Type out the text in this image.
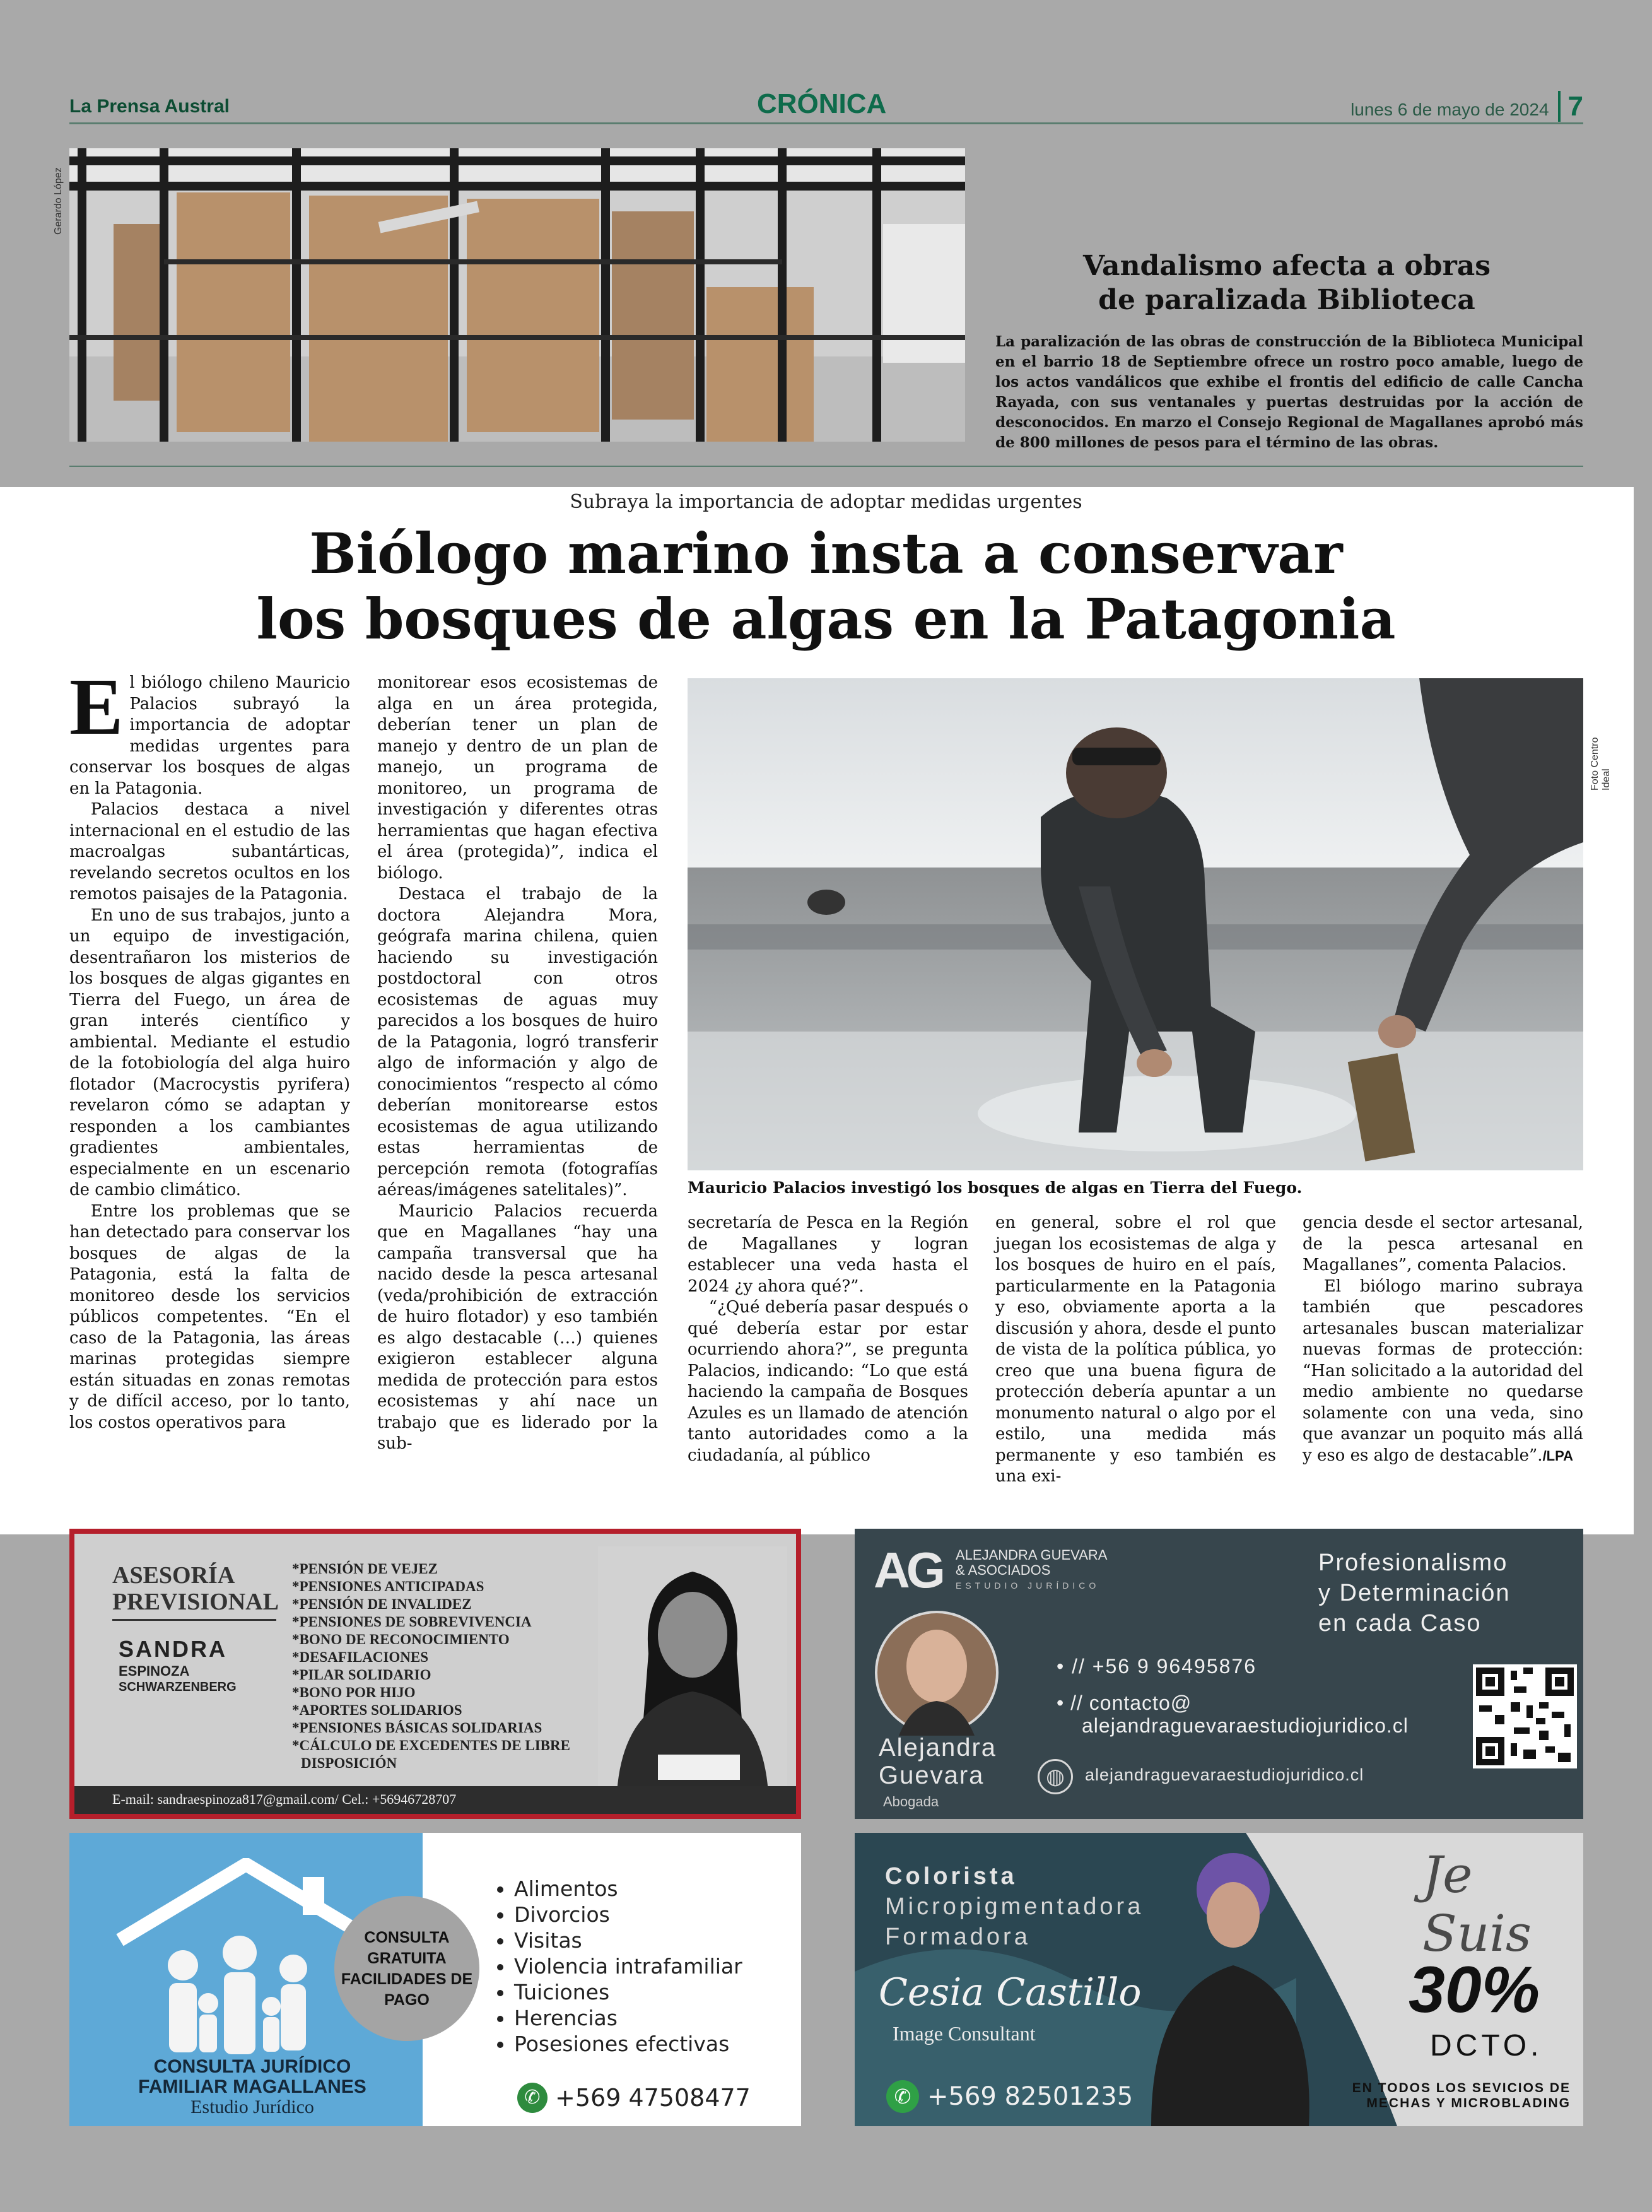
La Prensa Austral	CRÓNICA	lunes 6 de mayo de 2024 7
Gerardo López
Vandalismo afecta a obras
de paralizada Biblioteca
La paralización de las obras de construcción de la Biblioteca Municipal en el barrio 18 de Septiembre ofrece un rostro poco amable, luego de los actos vandálicos que exhibe el frontis del edificio de calle Cancha Rayada, con sus ventanales y puertas destruidas por la acción de desconocidos. En marzo el Consejo Regional de Magallanes aprobó más de 800 millones de pesos para el término de las obras.
Subraya la importancia de adoptar medidas urgentes
Biólogo marino insta a conservar
los bosques de algas en la Patagonia
E l biólogo chileno Mauricio Palacios subrayó la importancia de adoptar medidas urgentes para conservar los bosques de algas en la Patagonia.

Palacios destaca a nivel internacional en el estudio de las macroalgas subantárticas, revelando secretos ocultos en los remotos paisajes de la Patagonia.

En uno de sus trabajos, junto a un equipo de investigación, desentrañaron los misterios de los bosques de algas gigantes en Tierra del Fuego, un área de gran interés científico y ambiental. Mediante el estudio de la fotobiología del alga huiro flotador (Macrocystis pyrifera) revelaron cómo se adaptan y responden a los cambiantes gradientes ambientales, especialmente en un escenario de cambio climático.

Entre los problemas que se han detectado para conservar los bosques de algas de la Patagonia, está la falta de monitoreo desde los servicios públicos competentes. “En el caso de la Patagonia, las áreas marinas protegidas siempre están situadas en zonas remotas y de difícil acceso, por lo tanto, los costos operativos para

monitorear esos ecosistemas de alga en un área protegida, deberían tener un plan de manejo y dentro de un plan de manejo, un programa de monitoreo, un programa de investigación y diferentes otras herramientas que hagan efectiva el área (protegida)”, indica el biólogo.

Destaca el trabajo de la doctora Alejandra Mora, geógrafa marina chilena, quien haciendo su investigación postdoctoral con otros ecosistemas de aguas muy parecidos a los bosques de huiro de la Patagonia, logró transferir algo de información y algo de conocimientos “respecto al cómo deberían monitorearse estos ecosistemas de agua utilizando estas herramientas de percepción remota (fotografías aéreas/imágenes satelitales)”.

Mauricio Palacios recuerda que en Magallanes “hay una campaña transversal que ha nacido desde la pesca artesanal (veda/prohibición de extracción de huiro flotador) y eso también es algo destacable (…) quienes exigieron establecer alguna medida de protección para estos ecosistemas y ahí nace un trabajo que es liderado por la sub-

Foto Centro Ideal
Mauricio Palacios investigó los bosques de algas en Tierra del Fuego.

secretaría de Pesca en la Región de Magallanes y logran establecer una veda hasta el 2024 ¿y ahora qué?”.

“¿Qué debería pasar después o qué debería estar por estar ocurriendo ahora?”, se pregunta Palacios, indicando: “Lo que está haciendo la campaña de Bosques Azules es un llamado de atención tanto autoridades como a la ciudadanía, al público

en general, sobre el rol que juegan los ecosistemas de alga y los bosques de huiro en el país, particularmente en la Patagonia y eso, obviamente aporta a la discusión y ahora, desde el punto de vista de la política pública, yo creo que una buena figura de protección debería apuntar a un monumento natural o algo por el estilo, una medida más permanente y eso también es una exi-

gencia desde el sector artesanal, de la pesca artesanal en Magallanes”, comenta Palacios.

El biólogo marino subraya también que pescadores artesanales buscan materializar nuevas formas de protección: “Han solicitado a la autoridad del medio ambiente no quedarse solamente con una veda, sino que avanzar un poquito más allá y eso es algo de destacable”./LPA

ASESORÍA
PREVISIONAL
SANDRA
ESPINOZA
SCHWARZENBERG
*PENSIÓN DE VEJEZ
*PENSIONES ANTICIPADAS
*PENSIÓN DE INVALIDEZ
*PENSIONES DE SOBREVIVENCIA
*BONO DE RECONOCIMIENTO
*DESAFILACIONES
*PILAR SOLIDARIO
*BONO POR HIJO
*APORTES SOLIDARIOS
*PENSIONES BÁSICAS SOLIDARIAS
*CÁLCULO DE EXCEDENTES DE LIBRE
DISPOSICIÓN
E-mail: sandraespinoza817@gmail.com/ Cel.: +56946728707
AG ALEJANDRA GUEVARA
& ASOCIADOS
ESTUDIO JURÍDICO
Profesionalismo
y Determinación
en cada Caso
• // +56 9 96495876
• // contacto@
alejandraguevaraestudiojuridico.cl
Alejandra
Guevara
Abogada
◍	alejandraguevaraestudiojuridico.cl
CONSULTA
GRATUITA
FACILIDADES DE
PAGO
CONSULTA JURÍDICO
FAMILIAR MAGALLANES
Estudio Jurídico
• Alimentos
• Divorcios
• Visitas
• Violencia intrafamiliar
• Tuiciones
• Herencias
• Posesiones efectivas
✆ +569 47508477
Colorista
Micropigmentadora
Formadora
Cesia Castillo
Image Consultant
Je Suis
30%
DCTO.
EN TODOS LOS SEVICIOS DE
MECHAS Y MICROBLADING
✆ +569 82501235
